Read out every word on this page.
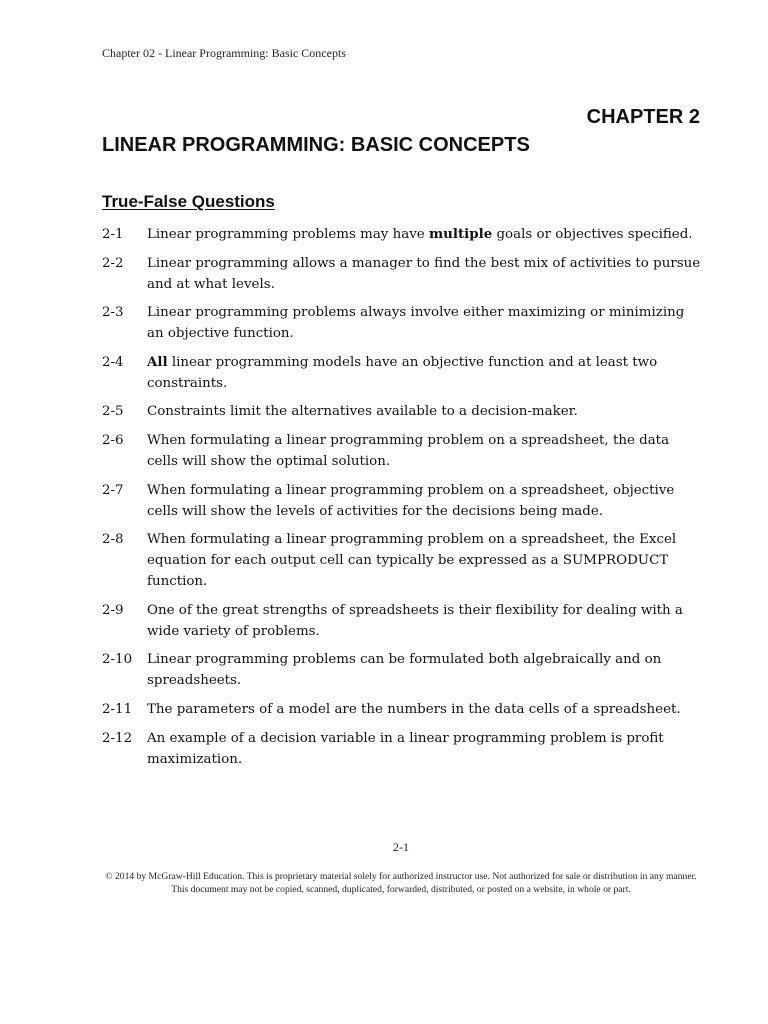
Chapter 02 - Linear Programming: Basic Concepts
CHAPTER 2
LINEAR PROGRAMMING: BASIC CONCEPTS
True-False Questions
2-1	Linear programming problems may have multiple goals or objectives specified.
2-2	Linear programming allows a manager to find the best mix of activities to pursue and at what levels.
2-3	Linear programming problems always involve either maximizing or minimizing an objective function.
2-4	All linear programming models have an objective function and at least two constraints.
2-5	Constraints limit the alternatives available to a decision-maker.
2-6	When formulating a linear programming problem on a spreadsheet, the data cells will show the optimal solution.
2-7	When formulating a linear programming problem on a spreadsheet, objective cells will show the levels of activities for the decisions being made.
2-8	When formulating a linear programming problem on a spreadsheet, the Excel equation for each output cell can typically be expressed as a SUMPRODUCT function.
2-9	One of the great strengths of spreadsheets is their flexibility for dealing with a wide variety of problems.
2-10	Linear programming problems can be formulated both algebraically and on spreadsheets.
2-11	The parameters of a model are the numbers in the data cells of a spreadsheet.
2-12	An example of a decision variable in a linear programming problem is profit maximization.
2-1
© 2014 by McGraw-Hill Education. This is proprietary material solely for authorized instructor use. Not authorized for sale or distribution in any manner. This document may not be copied, scanned, duplicated, forwarded, distributed, or posted on a website, in whole or part.
